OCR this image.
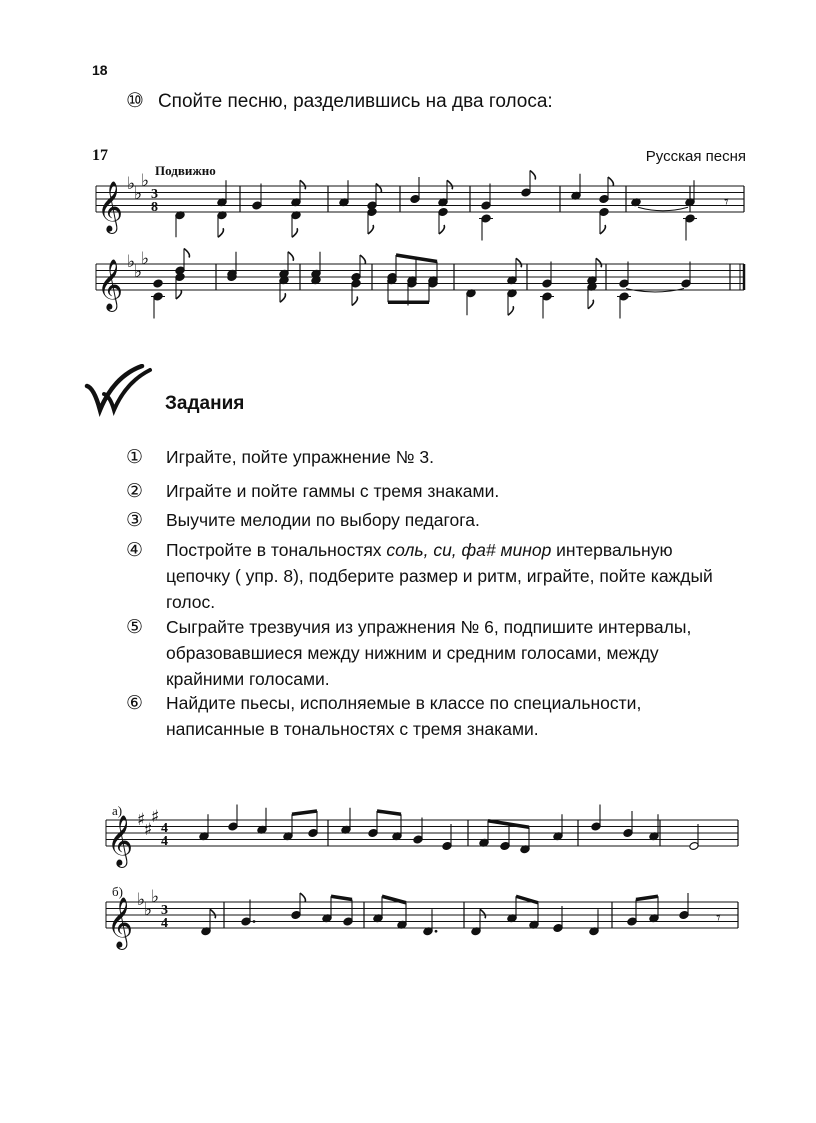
18
⑩ Спойте песню, разделившись на два голоса:
17
Подвижно
Русская песня
𝄞 ♭
♭
♭
3
8	𝄾
𝄞 ♭
♭
♭
Задания
① Играйте, пойте упражнение № 3.
② Играйте и пойте гаммы с тремя знаками.
③ Выучите мелодии по выбору педагога.
④ Постройте в тональностях соль, си, фа# минор интервальную цепочку ( упр. 8), подберите размер и ритм, играйте, пойте каждый голос.
⑤ Сыграйте трезвучия из упражнения № 6, подпишите интервалы, образовавшиеся между нижним и средним голосами, между крайними голосами.
⑥ Найдите пьесы, исполняемые в классе по специальности, написанные в тональностях с тремя знаками.
а)
𝄞 ♯
♯
♯
4
4
б)
𝄞 ♭
♭
♭
3
4	𝄾
